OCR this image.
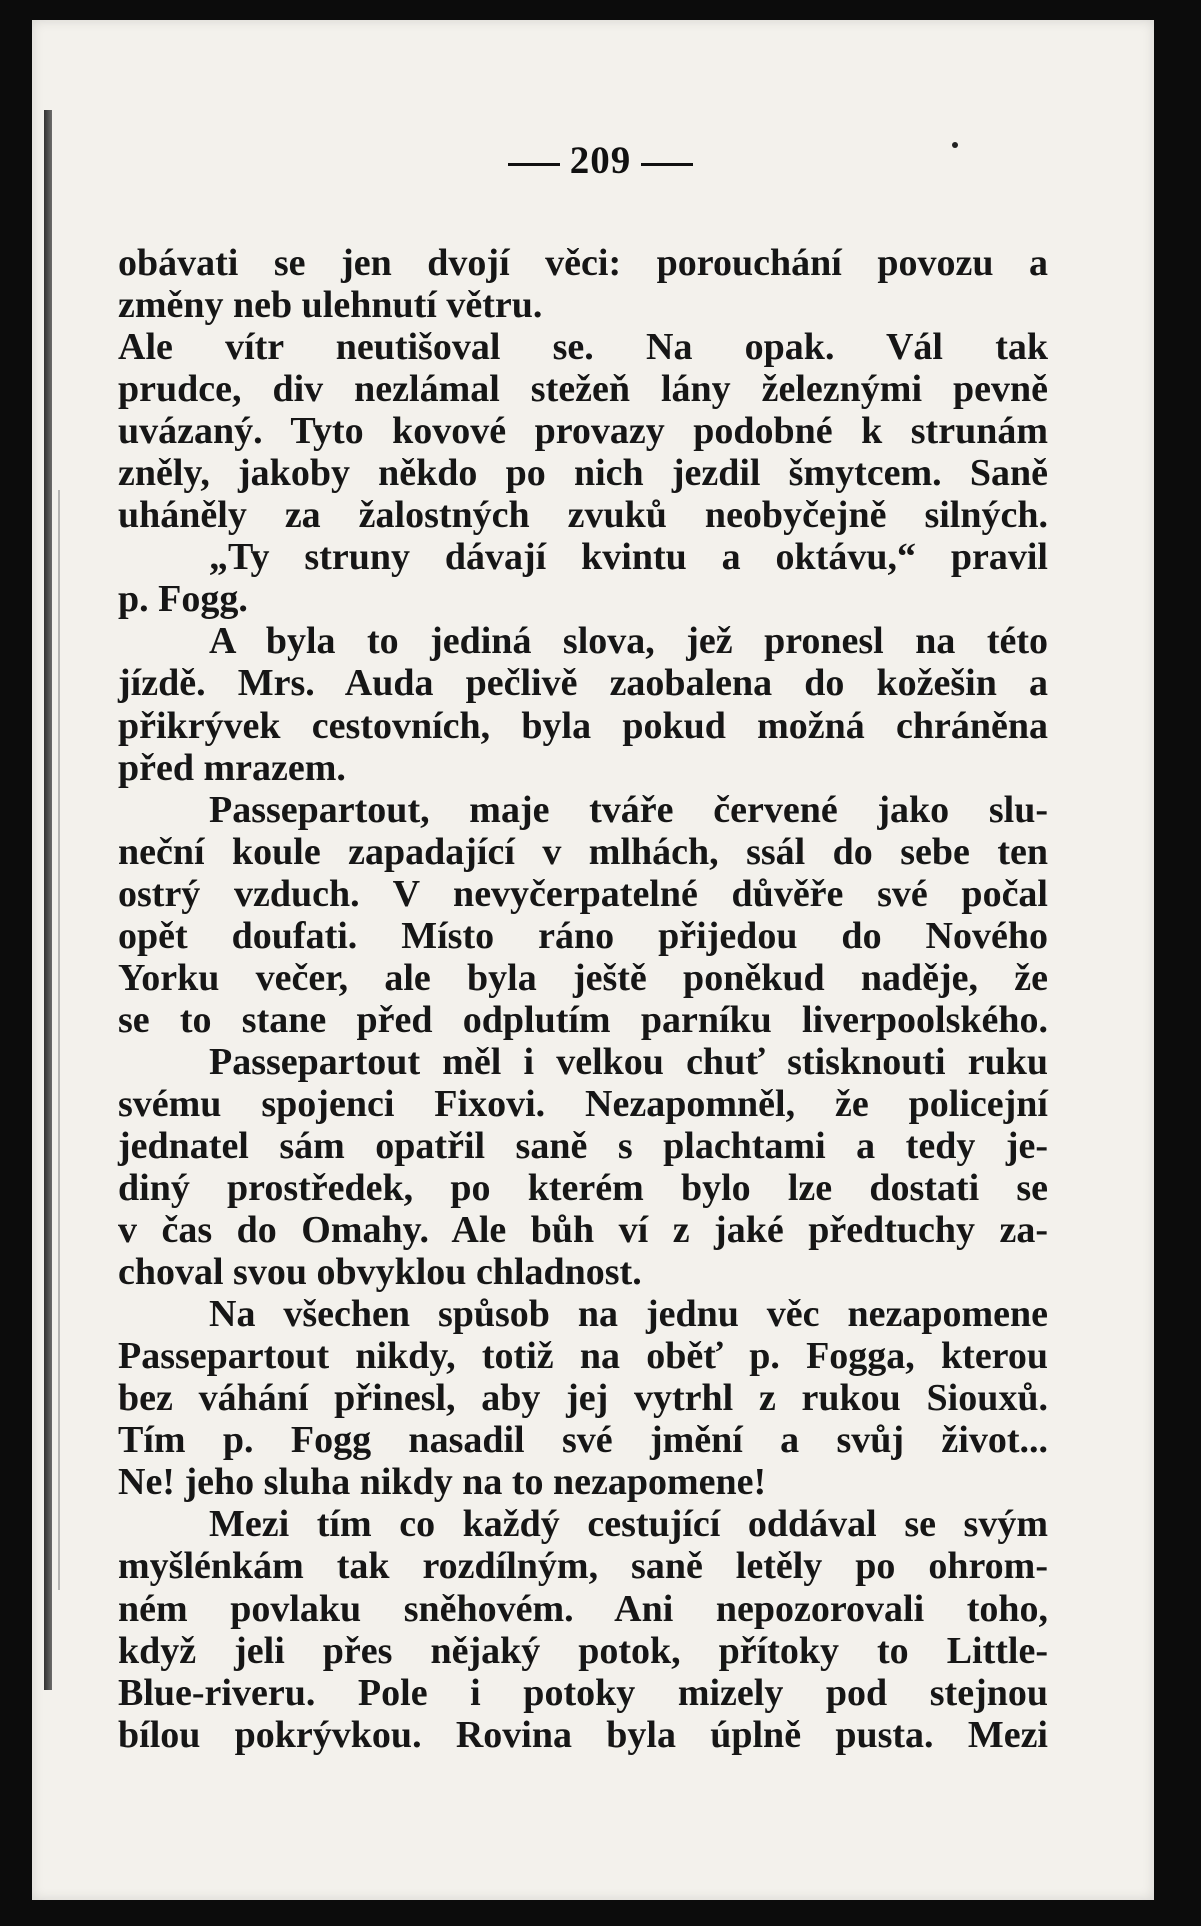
209
obávati se jen dvojí věci: porouchání povozu a
změny neb ulehnutí větru.
Ale vítr neutišoval se. Na opak. Vál tak
prudce, div nezlámal stežeň lány železnými pevně
uvázaný. Tyto kovové provazy podobné k strunám
zněly, jakoby někdo po nich jezdil šmytcem. Saně
uháněly za žalostných zvuků neobyčejně silných.
„Ty struny dávají kvintu a oktávu,“ pravil
p. Fogg.
A byla to jediná slova, jež pronesl na této
jízdě. Mrs. Auda pečlivě zaobalena do kožešin a
přikrývek cestovních, byla pokud možná chráněna
před mrazem.
Passepartout, maje tváře červené jako slu-
neční koule zapadající v mlhách, ssál do sebe ten
ostrý vzduch. V nevyčerpatelné důvěře své počal
opět doufati. Místo ráno přijedou do Nového
Yorku večer, ale byla ještě poněkud naděje, že
se to stane před odplutím parníku liverpoolského.
Passepartout měl i velkou chuť stisknouti ruku
svému spojenci Fixovi. Nezapomněl, že policejní
jednatel sám opatřil saně s plachtami a tedy je-
diný prostředek, po kterém bylo lze dostati se
v čas do Omahy. Ale bůh ví z jaké předtuchy za-
choval svou obvyklou chladnost.
Na všechen spůsob na jednu věc nezapomene
Passepartout nikdy, totiž na oběť p. Fogga, kterou
bez váhání přinesl, aby jej vytrhl z rukou Siouxů.
Tím p. Fogg nasadil své jmění a svůj život...
Ne! jeho sluha nikdy na to nezapomene!
Mezi tím co každý cestující oddával se svým
myšlénkám tak rozdílným, saně letěly po ohrom-
ném povlaku sněhovém. Ani nepozorovali toho,
když jeli přes nějaký potok, přítoky to Little-
Blue-riveru. Pole i potoky mizely pod stejnou
bílou pokrývkou. Rovina byla úplně pusta. Mezi
